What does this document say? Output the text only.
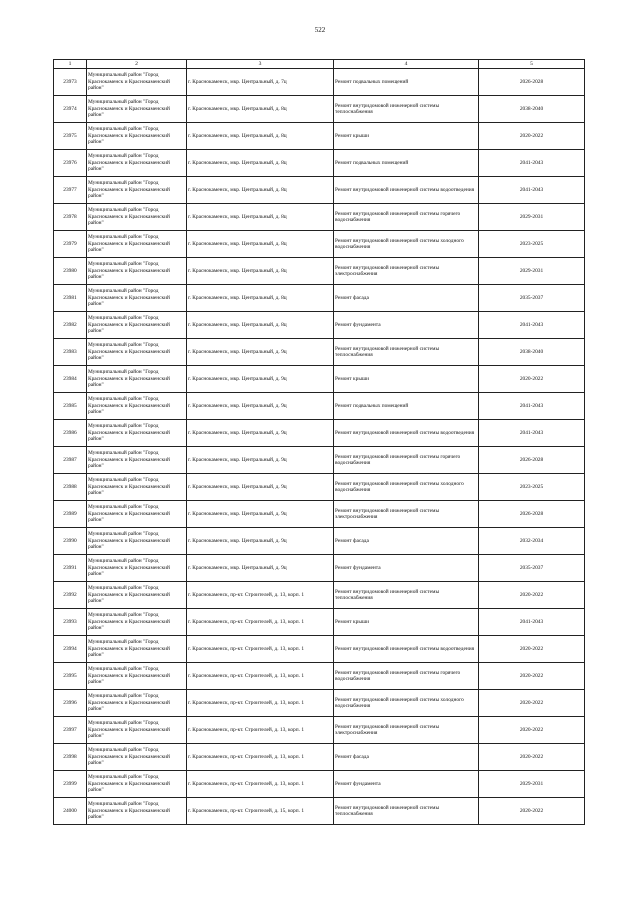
522
1	2	3	4	5
23973	Муниципальный район "Город Краснокаменск и Краснокаменский район"	г. Краснокаменск, мкр. Центральный, д. 7ц	Ремонт подвальных помещений	2026-2028
23974	Муниципальный район "Город Краснокаменск и Краснокаменский район"	г. Краснокаменск, мкр. Центральный, д. 8ц	Ремонт внутридомовой инженерной системы теплоснабжения	2038-2040
23975	Муниципальный район "Город Краснокаменск и Краснокаменский район"	г. Краснокаменск, мкр. Центральный, д. 8ц	Ремонт крыши	2020-2022
23976	Муниципальный район "Город Краснокаменск и Краснокаменский район"	г. Краснокаменск, мкр. Центральный, д. 8ц	Ремонт подвальных помещений	2041-2043
23977	Муниципальный район "Город Краснокаменск и Краснокаменский район"	г. Краснокаменск, мкр. Центральный, д. 8ц	Ремонт внутридомовой инженерной системы водоотведения	2041-2043
23978	Муниципальный район "Город Краснокаменск и Краснокаменский район"	г. Краснокаменск, мкр. Центральный, д. 8ц	Ремонт внутридомовой инженерной системы горячего водоснабжения	2029-2031
23979	Муниципальный район "Город Краснокаменск и Краснокаменский район"	г. Краснокаменск, мкр. Центральный, д. 8ц	Ремонт внутридомовой инженерной системы холодного водоснабжения	2023-2025
23980	Муниципальный район "Город Краснокаменск и Краснокаменский район"	г. Краснокаменск, мкр. Центральный, д. 8ц	Ремонт внутридомовой инженерной системы электроснабжения	2029-2031
23981	Муниципальный район "Город Краснокаменск и Краснокаменский район"	г. Краснокаменск, мкр. Центральный, д. 8ц	Ремонт фасада	2035-2037
23982	Муниципальный район "Город Краснокаменск и Краснокаменский район"	г. Краснокаменск, мкр. Центральный, д. 8ц	Ремонт фундамента	2041-2043
23983	Муниципальный район "Город Краснокаменск и Краснокаменский район"	г. Краснокаменск, мкр. Центральный, д. 9ц	Ремонт внутридомовой инженерной системы теплоснабжения	2038-2040
23984	Муниципальный район "Город Краснокаменск и Краснокаменский район"	г. Краснокаменск, мкр. Центральный, д. 9ц	Ремонт крыши	2020-2022
23985	Муниципальный район "Город Краснокаменск и Краснокаменский район"	г. Краснокаменск, мкр. Центральный, д. 9ц	Ремонт подвальных помещений	2041-2043
23986	Муниципальный район "Город Краснокаменск и Краснокаменский район"	г. Краснокаменск, мкр. Центральный, д. 9ц	Ремонт внутридомовой инженерной системы водоотведения	2041-2043
23987	Муниципальный район "Город Краснокаменск и Краснокаменский район"	г. Краснокаменск, мкр. Центральный, д. 9ц	Ремонт внутридомовой инженерной системы горячего водоснабжения	2026-2028
23988	Муниципальный район "Город Краснокаменск и Краснокаменский район"	г. Краснокаменск, мкр. Центральный, д. 9ц	Ремонт внутридомовой инженерной системы холодного водоснабжения	2023-2025
23989	Муниципальный район "Город Краснокаменск и Краснокаменский район"	г. Краснокаменск, мкр. Центральный, д. 9ц	Ремонт внутридомовой инженерной системы электроснабжения	2026-2028
23990	Муниципальный район "Город Краснокаменск и Краснокаменский район"	г. Краснокаменск, мкр. Центральный, д. 9ц	Ремонт фасада	2032-2034
23991	Муниципальный район "Город Краснокаменск и Краснокаменский район"	г. Краснокаменск, мкр. Центральный, д. 9ц	Ремонт фундамента	2035-2037
23992	Муниципальный район "Город Краснокаменск и Краснокаменский район"	г. Краснокаменск, пр-кт. Строителей, д. 13, корп. 1	Ремонт внутридомовой инженерной системы теплоснабжения	2020-2022
23993	Муниципальный район "Город Краснокаменск и Краснокаменский район"	г. Краснокаменск, пр-кт. Строителей, д. 13, корп. 1	Ремонт крыши	2041-2043
23994	Муниципальный район "Город Краснокаменск и Краснокаменский район"	г. Краснокаменск, пр-кт. Строителей, д. 13, корп. 1	Ремонт внутридомовой инженерной системы водоотведения	2020-2022
23995	Муниципальный район "Город Краснокаменск и Краснокаменский район"	г. Краснокаменск, пр-кт. Строителей, д. 13, корп. 1	Ремонт внутридомовой инженерной системы горячего водоснабжения	2020-2022
23996	Муниципальный район "Город Краснокаменск и Краснокаменский район"	г. Краснокаменск, пр-кт. Строителей, д. 13, корп. 1	Ремонт внутридомовой инженерной системы холодного водоснабжения	2020-2022
23997	Муниципальный район "Город Краснокаменск и Краснокаменский район"	г. Краснокаменск, пр-кт. Строителей, д. 13, корп. 1	Ремонт внутридомовой инженерной системы электроснабжения	2020-2022
23998	Муниципальный район "Город Краснокаменск и Краснокаменский район"	г. Краснокаменск, пр-кт. Строителей, д. 13, корп. 1	Ремонт фасада	2020-2022
23999	Муниципальный район "Город Краснокаменск и Краснокаменский район"	г. Краснокаменск, пр-кт. Строителей, д. 13, корп. 1	Ремонт фундамента	2029-2031
24000	Муниципальный район "Город Краснокаменск и Краснокаменский район"	г. Краснокаменск, пр-кт. Строителей, д. 15, корп. 1	Ремонт внутридомовой инженерной системы теплоснабжения	2020-2022
